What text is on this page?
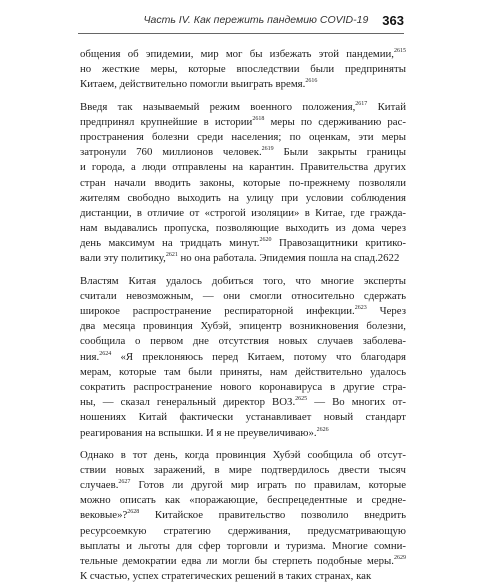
Часть IV. Как пережить пандемию COVID-19 363
общения об эпидемии, мир мог бы избежать этой пандемии,$^{2615}$
но жесткие меры, которые впоследствии были предприняты
Китаем, действительно помогли выиграть время.$^{2616}$
Введя так называемый режим военного положения,$^{2617}$ Китай
предпринял крупнейшие в истории$^{2618}$ меры по сдерживанию рас-
пространения болезни среди населения; по оценкам, эти меры
затронули 760 миллионов человек.$^{2619}$ Были закрыты границы
и города, а люди отправлены на карантин. Правительства других
стран начали вводить законы, которые по-прежнему позволяли
жителям свободно выходить на улицу при условии соблюдения
дистанции, в отличие от «строгой изоляции» в Китае, где гражда-
нам выдавались пропуска, позволяющие выходить из дома через
день максимум на тридцать минут.$^{2620}$ Правозащитники критико-
вали эту политику,$^{2621}$ но она работала. Эпидемия пошла на спад.2622
Властям Китая удалось добиться того, что многие эксперты
считали невозможным, — они смогли относительно сдержать
широкое распространение респираторной инфекции.$^{2623}$ Через
два месяца провинция Хубэй, эпицентр возникновения болезни,
сообщила о первом дне отсутствия новых случаев заболева-
ния.$^{2624}$ «Я преклоняюсь перед Китаем, потому что благодаря
мерам, которые там были приняты, нам действительно удалось
сократить распространение нового коронавируса в другие стра-
ны, — сказал генеральный директор ВОЗ.$^{2625}$ — Во многих от-
ношениях Китай фактически устанавливает новый стандарт
реагирования на вспышки. И я не преувеличиваю».$^{2626}$
Однако в тот день, когда провинция Хубэй сообщила об отсут-
ствии новых заражений, в мире подтвердилось двести тысяч
случаев.$^{2627}$ Готов ли другой мир играть по правилам, которые
можно описать как «поражающие, беспрецедентные и средне-
вековые»?$^{2628}$ Китайское правительство позволило внедрить
ресурсоемкую стратегию сдерживания, предусматривающую
выплаты и льготы для сфер торговли и туризма. Многие сомни-
тельные демократии едва ли могли бы стерпеть подобные меры.$^{2629}$
К счастью, успех стратегических решений в таких странах, как
